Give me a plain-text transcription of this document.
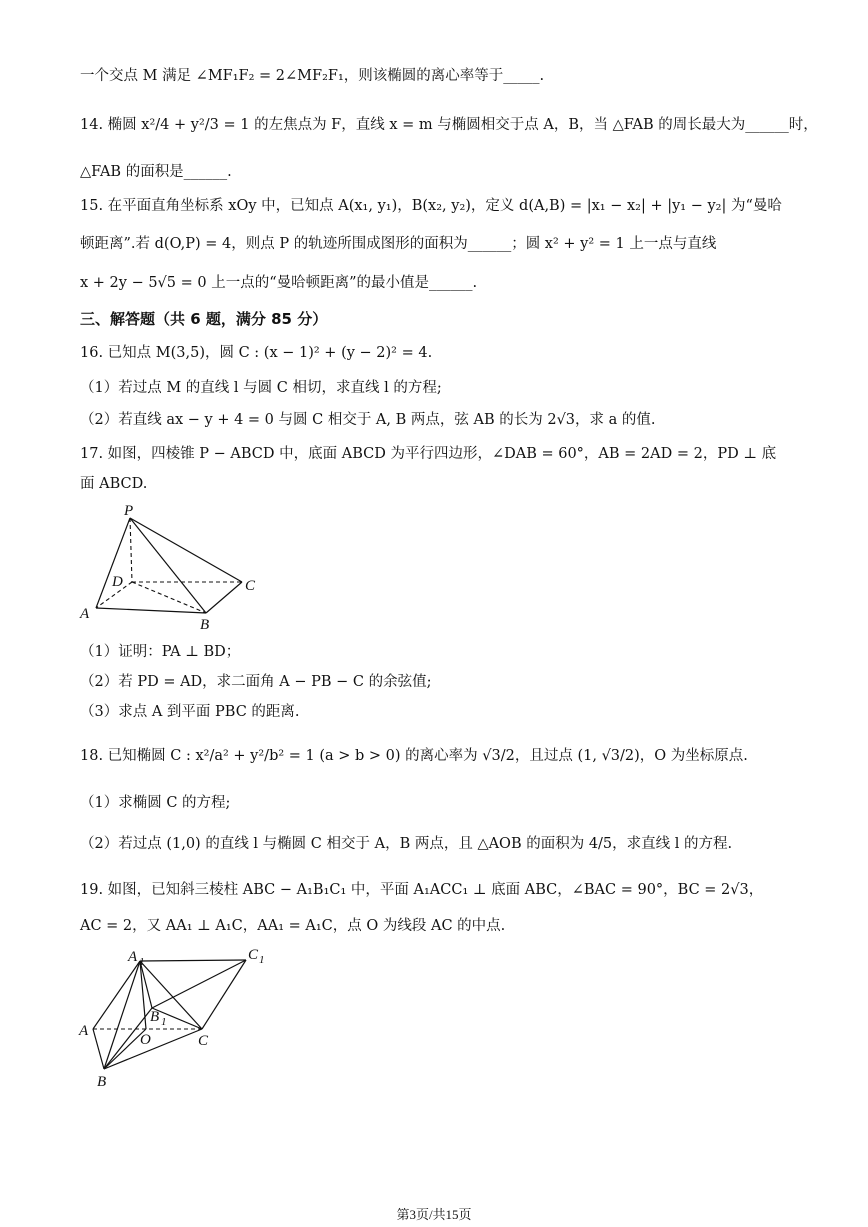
一个交点 M 满足 ∠MF₁F₂ = 2∠MF₂F₁，则该椭圆的离心率等于_____.
14. 椭圆 x²/4 + y²/3 = 1 的左焦点为 F，直线 x = m 与椭圆相交于点 A，B，当 △FAB 的周长最大为______时，
△FAB 的面积是______.
15. 在平面直角坐标系 xOy 中，已知点 A(x₁, y₁)，B(x₂, y₂)，定义 d(A,B) = |x₁ − x₂| + |y₁ − y₂| 为“曼哈
顿距离”.若 d(O,P) = 4，则点 P 的轨迹所围成图形的面积为______；圆 x² + y² = 1 上一点与直线
x + 2y − 5√5 = 0 上一点的“曼哈顿距离”的最小值是______.
三、解答题（共 6 题，满分 85 分）
16. 已知点 M(3,5)，圆 C : (x − 1)² + (y − 2)² = 4.
（1）若过点 M 的直线 l 与圆 C 相切，求直线 l 的方程;
（2）若直线 ax − y + 4 = 0 与圆 C 相交于 A, B 两点，弦 AB 的长为 2√3，求 a 的值.
17. 如图，四棱锥 P − ABCD 中，底面 ABCD 为平行四边形，∠DAB = 60°，AB = 2AD = 2，PD ⊥ 底
面 ABCD.
P
D	C
A
B
（1）证明：PA ⊥ BD；
（2）若 PD = AD，求二面角 A − PB − C 的余弦值;
（3）求点 A 到平面 PBC 的距离.
18. 已知椭圆 C : x²/a² + y²/b² = 1 (a > b > 0) 的离心率为 √3/2，且过点 (1, √3/2)，O 为坐标原点.
（1）求椭圆 C 的方程;
（2）若过点 (1,0) 的直线 l 与椭圆 C 相交于 A，B 两点，且 △AOB 的面积为 4/5，求直线 l 的方程.
19. 如图，已知斜三棱柱 ABC − A₁B₁C₁ 中，平面 A₁ACC₁ ⊥ 底面 ABC，∠BAC = 90°，BC = 2√3，
AC = 2，又 AA₁ ⊥ A₁C，AA₁ = A₁C，点 O 为线段 AC 的中点.
A 1	C 1
B 1
A
O	C
B
第3页/共15页
